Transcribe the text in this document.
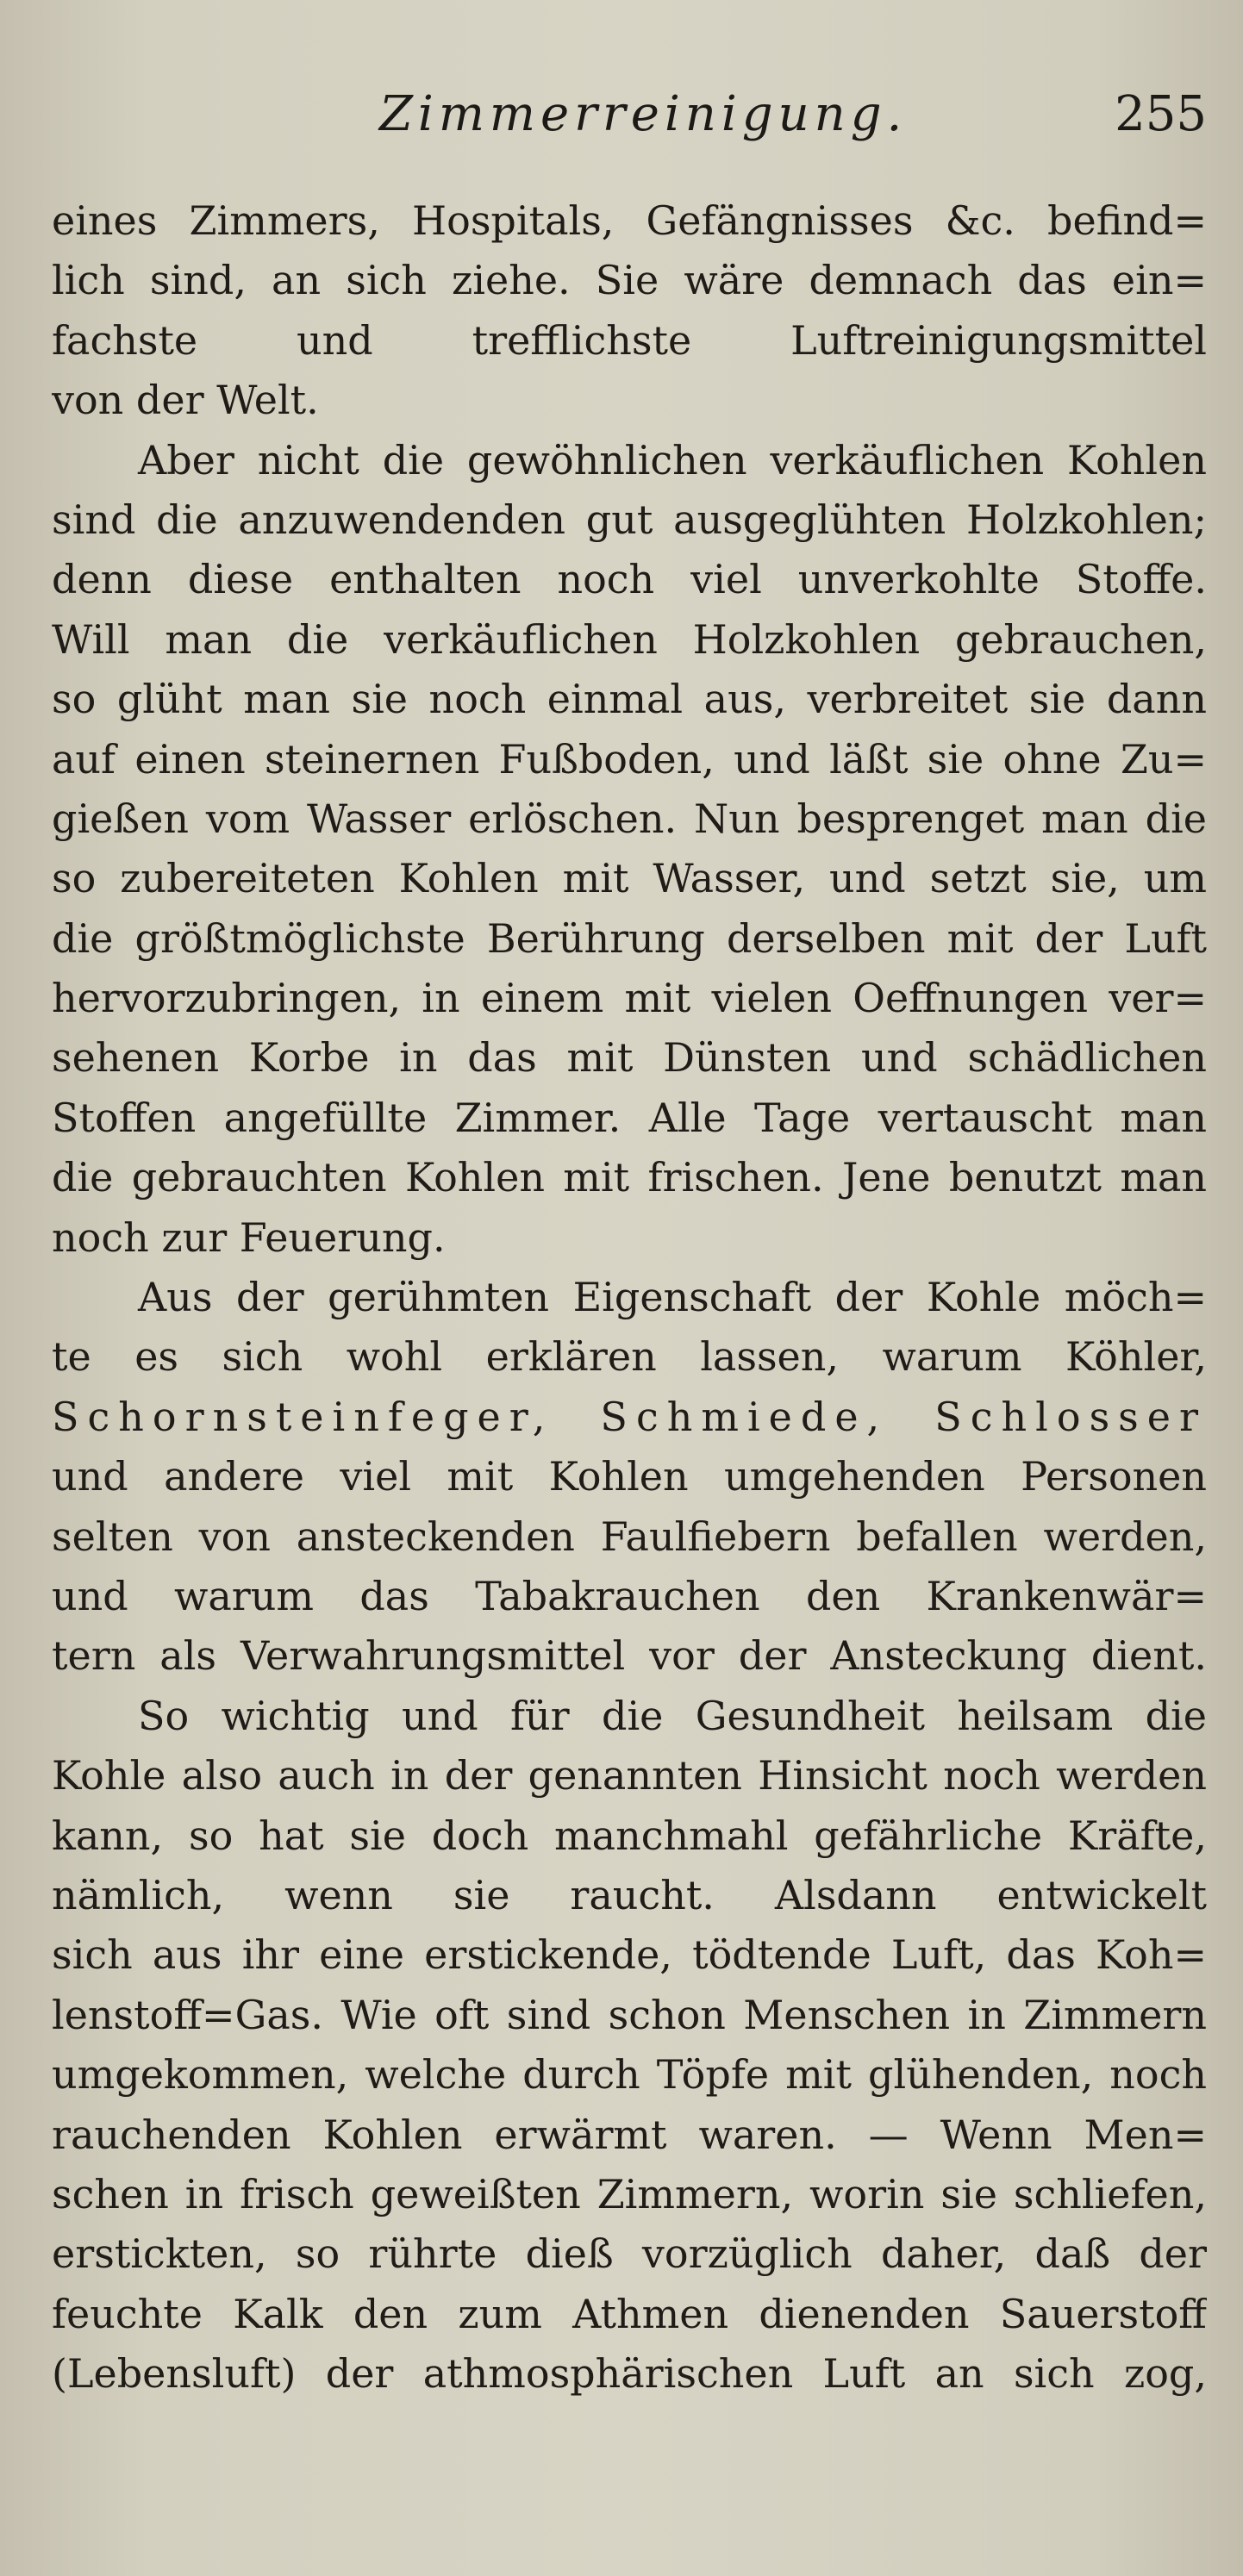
Zimmerreinigung.	255
eines Zimmers, Hospitals, Gefängnisses &c. befind=
lich sind, an sich ziehe. Sie wäre demnach das ein=
fachste und trefflichste Luftreinigungsmittel
von der Welt.
Aber nicht die gewöhnlichen verkäuflichen Kohlen
sind die anzuwendenden gut ausgeglühten Holzkohlen;
denn diese enthalten noch viel unverkohlte Stoffe.
Will man die verkäuflichen Holzkohlen gebrauchen,
so glüht man sie noch einmal aus, verbreitet sie dann
auf einen steinernen Fußboden, und läßt sie ohne Zu=
gießen vom Wasser erlöschen. Nun besprenget man die
so zubereiteten Kohlen mit Wasser, und setzt sie, um
die größtmöglichste Berührung derselben mit der Luft
hervorzubringen, in einem mit vielen Oeffnungen ver=
sehenen Korbe in das mit Dünsten und schädlichen
Stoffen angefüllte Zimmer. Alle Tage vertauscht man
die gebrauchten Kohlen mit frischen. Jene benutzt man
noch zur Feuerung.
Aus der gerühmten Eigenschaft der Kohle möch=
te es sich wohl erklären lassen, warum Köhler,
Schornsteinfeger, Schmiede, Schlosser
und andere viel mit Kohlen umgehenden Personen
selten von ansteckenden Faulfiebern befallen werden,
und warum das Tabakrauchen den Krankenwär=
tern als Verwahrungsmittel vor der Ansteckung dient.
So wichtig und für die Gesundheit heilsam die
Kohle also auch in der genannten Hinsicht noch werden
kann, so hat sie doch manchmahl gefährliche Kräfte,
nämlich, wenn sie raucht. Alsdann entwickelt
sich aus ihr eine erstickende, tödtende Luft, das Koh=
lenstoff=Gas. Wie oft sind schon Menschen in Zimmern
umgekommen, welche durch Töpfe mit glühenden, noch
rauchenden Kohlen erwärmt waren. — Wenn Men=
schen in frisch geweißten Zimmern, worin sie schliefen,
erstickten, so rührte dieß vorzüglich daher, daß der
feuchte Kalk den zum Athmen dienenden Sauerstoff
(Lebensluft) der athmosphärischen Luft an sich zog,
